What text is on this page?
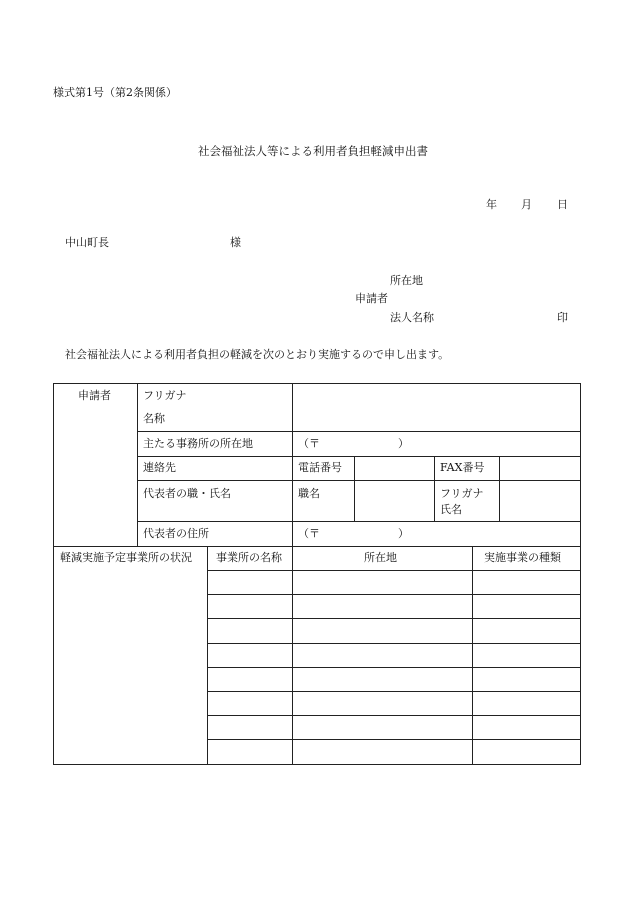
様式第1号（第2条関係）
社会福祉法人等による利用者負担軽減申出書
年 月 日
中山町長	様
所在地
申請者
法人名称	印
社会福祉法人による利用者負担の軽減を次のとおり実施するので申し出ます。
申請者	フリガナ
名称
主たる事務所の所在地	（〒	）
連絡先	電話番号	FAX番号
代表者の職・氏名	職名	フリガナ
氏名
代表者の住所	（〒	）
軽減実施予定事業所の状況 事業所の名称	所在地	実施事業の種類
